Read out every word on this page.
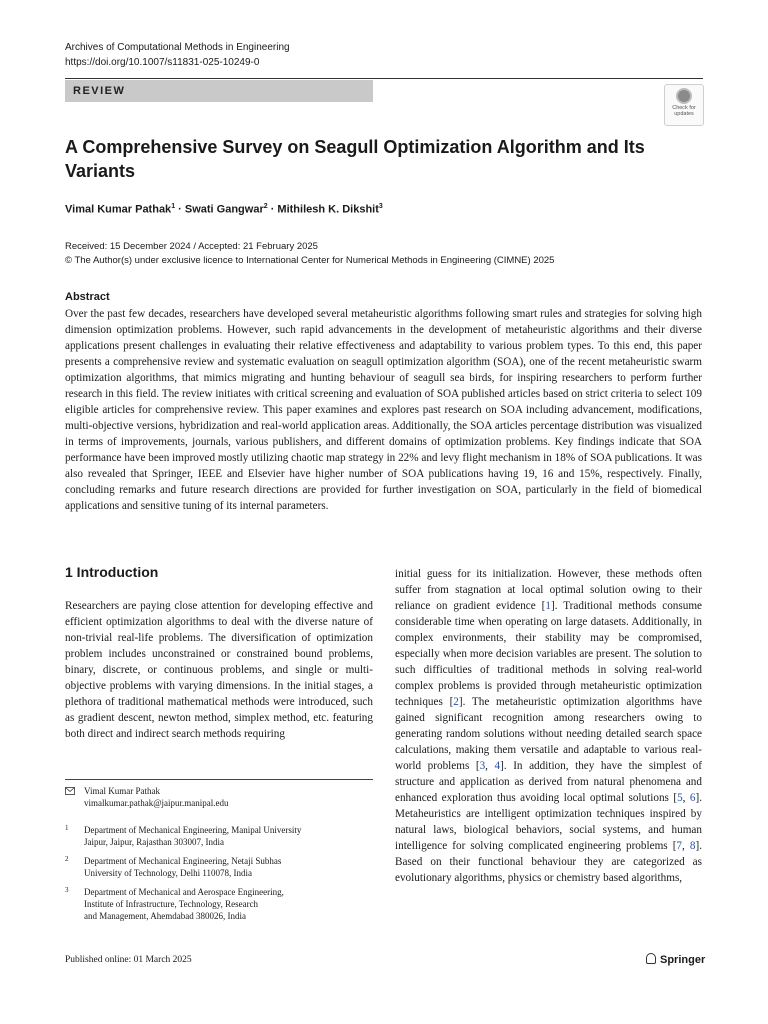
Archives of Computational Methods in Engineering
https://doi.org/10.1007/s11831-025-10249-0
REVIEW
Check for updates
A Comprehensive Survey on Seagull Optimization Algorithm and Its Variants
Vimal Kumar Pathak$^1$ · Swati Gangwar$^2$ · Mithilesh K. Dikshit$^3$
Received: 15 December 2024 / Accepted: 21 February 2025
© The Author(s) under exclusive licence to International Center for Numerical Methods in Engineering (CIMNE) 2025
Abstract
Over the past few decades, researchers have developed several metaheuristic algorithms following smart rules and strategies for solving high dimension optimization problems. However, such rapid advancements in the development of metaheuristic algorithms and their diverse applications present challenges in evaluating their relative effectiveness and adaptability to various problem types. To this end, this paper presents a comprehensive review and systematic evaluation on seagull optimization algorithm (SOA), one of the recent metaheuristic swarm optimization algorithms, that mimics migrating and hunting behaviour of seagull sea birds, for inspiring researchers to perform further research in this field. The review initiates with critical screening and evaluation of SOA published articles based on strict criteria to select 109 eligible articles for comprehensive review. This paper examines and explores past research on SOA including advancement, modifications, multi-objective versions, hybridization and real-world application areas. Additionally, the SOA articles percentage distribution was visualized in terms of improvements, journals, various publishers, and different domains of optimization problems. Key findings indicate that SOA performance have been improved mostly utilizing chaotic map strategy in 22% and levy flight mechanism in 18% of SOA publications. It was also revealed that Springer, IEEE and Elsevier have higher number of SOA publications having 19, 16 and 15%, respectively. Finally, concluding remarks and future research directions are provided for further investigation on SOA, particularly in the field of biomedical applications and sensitive tuning of its internal parameters.
1 Introduction
Researchers are paying close attention for developing effective and efficient optimization algorithms to deal with the diverse nature of non-trivial real-life problems. The diversification of optimization problem includes unconstrained or constrained bound problems, binary, discrete, or continuous problems, and single or multi-objective problems with varying dimensions. In the initial stages, a plethora of traditional mathematical methods were introduced, such as gradient descent, newton method, simplex method, etc. featuring both direct and indirect search methods requiring
initial guess for its initialization. However, these methods often suffer from stagnation at local optimal solution owing to their reliance on gradient evidence [1]. Traditional methods consume considerable time when operating on large datasets. Additionally, in complex environments, their stability may be compromised, especially when more decision variables are present. The solution to such difficulties of traditional methods in solving real-world complex problems is provided through metaheuristic optimization techniques [2]. The metaheuristic optimization algorithms have gained significant recognition among researchers owing to generating random solutions without needing detailed search space calculations, making them versatile and adaptable to various real-world problems [3, 4]. In addition, they have the simplest of structure and application as derived from natural phenomena and enhanced exploration thus avoiding local optimal solutions [5, 6]. Metaheuristics are intelligent optimization techniques inspired by natural laws, biological behaviors, social systems, and human intelligence for solving complicated engineering problems [7, 8]. Based on their functional behaviour they are categorized as evolutionary algorithms, physics or chemistry based algorithms,
Vimal Kumar Pathak
vimalkumar.pathak@jaipur.manipal.edu
1 Department of Mechanical Engineering, Manipal University
Jaipur, Jaipur, Rajasthan 303007, India
2 Department of Mechanical Engineering, Netaji Subhas
University of Technology, Delhi 110078, India
3 Department of Mechanical and Aerospace Engineering,
Institute of Infrastructure, Technology, Research
and Management, Ahemdabad 380026, India
Published online: 01 March 2025	Springer
